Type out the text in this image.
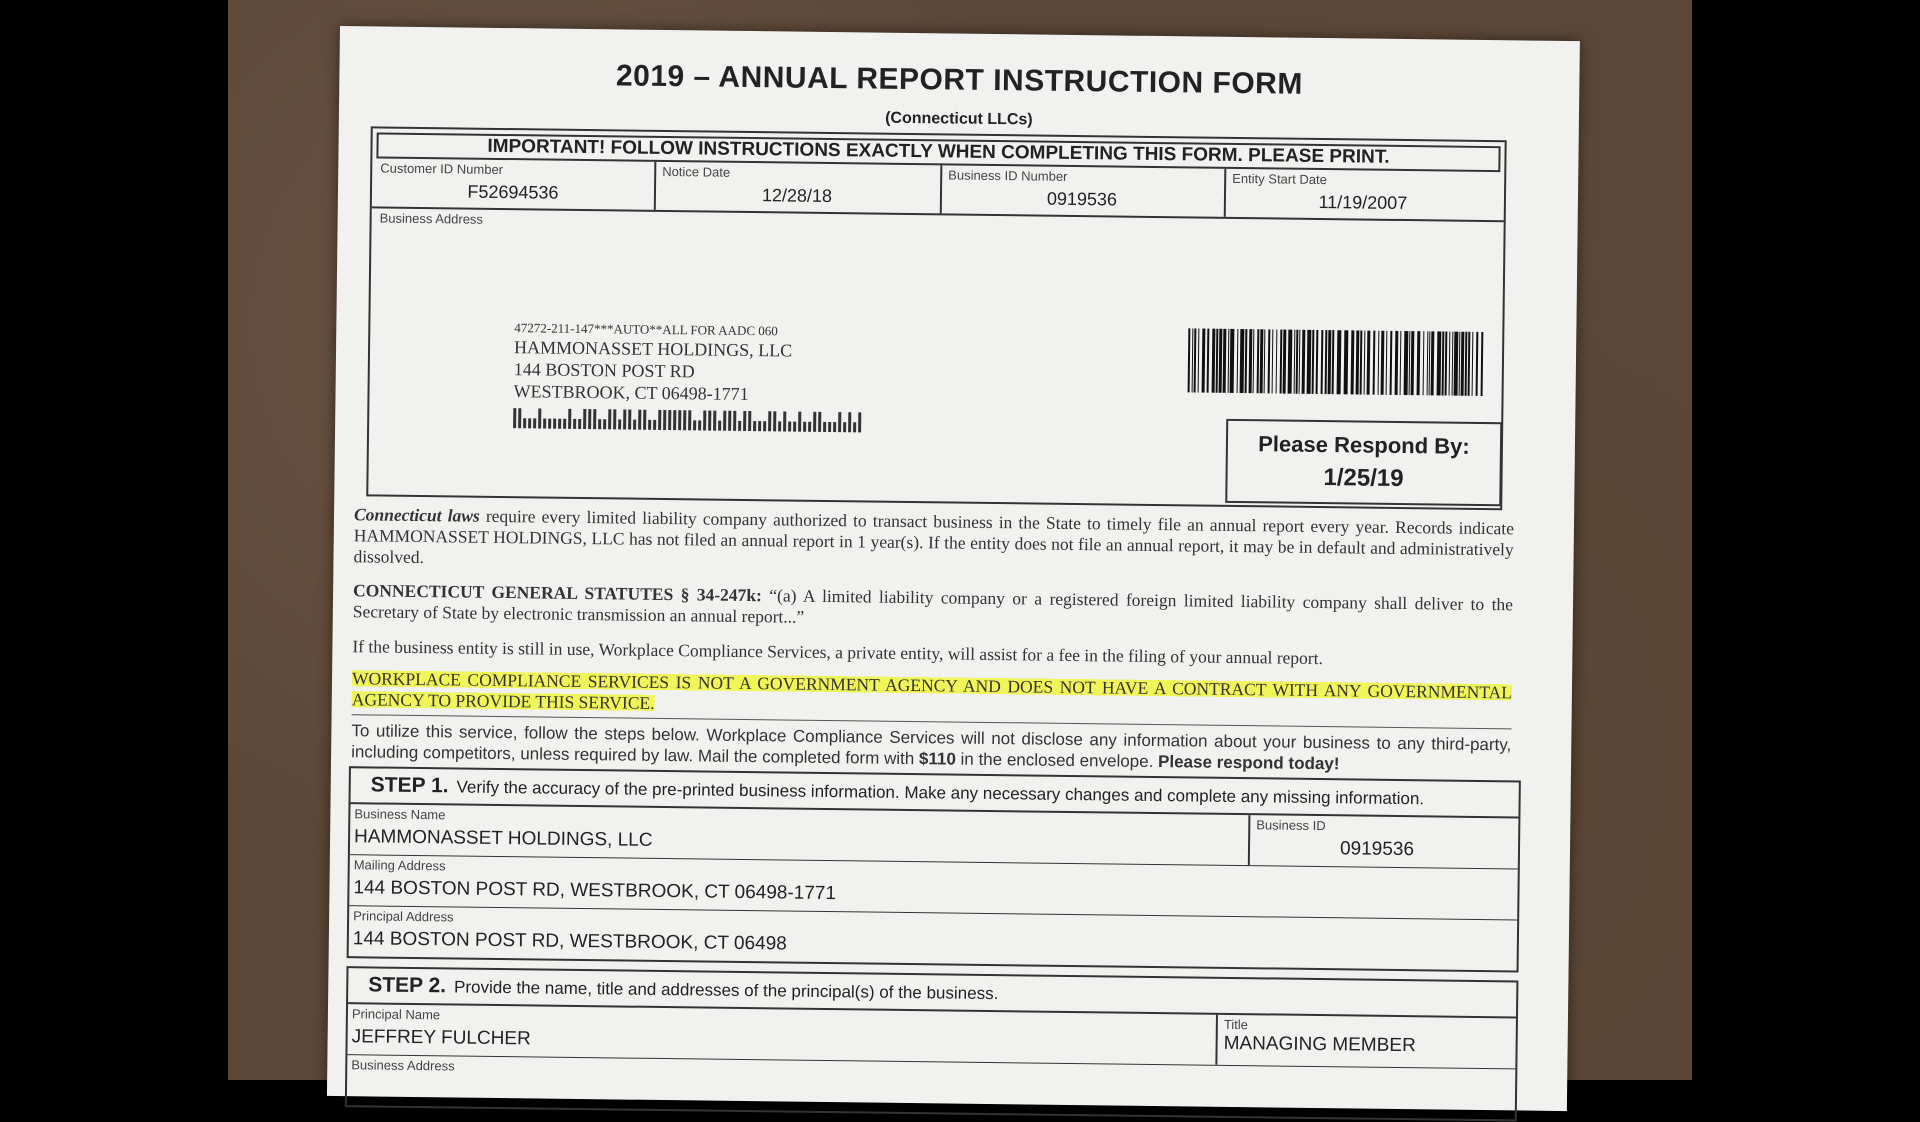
2019 – ANNUAL REPORT INSTRUCTION FORM
(Connecticut LLCs)
IMPORTANT! FOLLOW INSTRUCTIONS EXACTLY WHEN COMPLETING THIS FORM. PLEASE PRINT.
Customer ID Number
F52694536
Notice Date
12/28/18
Business ID Number
0919536
Entity Start Date
11/19/2007
Business Address
47272-211-147***AUTO**ALL FOR AADC 060
HAMMONASSET HOLDINGS, LLC
144 BOSTON POST RD
WESTBROOK, CT 06498-1771
Please Respond By:
1/25/19
Connecticut laws require every limited liability company authorized to transact business in the State to timely file an annual report every year. Records indicate HAMMONASSET HOLDINGS, LLC has not filed an annual report in 1 year(s). If the entity does not file an annual report, it may be in default and administratively dissolved.
CONNECTICUT GENERAL STATUTES § 34-247k: “(a) A limited liability company or a registered foreign limited liability company shall deliver to the Secretary of State by electronic transmission an annual report...”
If the business entity is still in use, Workplace Compliance Services, a private entity, will assist for a fee in the filing of your annual report.
WORKPLACE COMPLIANCE SERVICES IS NOT A GOVERNMENT AGENCY AND DOES NOT HAVE A CONTRACT WITH ANY GOVERNMENTAL AGENCY TO PROVIDE THIS SERVICE.
To utilize this service, follow the steps below. Workplace Compliance Services will not disclose any information about your business to any third-party, including competitors, unless required by law. Mail the completed form with $110 in the enclosed envelope. Please respond today!
STEP 1. Verify the accuracy of the pre-printed business information. Make any necessary changes and complete any missing information.
Business Name
HAMMONASSET HOLDINGS, LLC
Business ID
0919536
Mailing Address
144 BOSTON POST RD, WESTBROOK, CT 06498-1771
Principal Address
144 BOSTON POST RD, WESTBROOK, CT 06498
STEP 2. Provide the name, title and addresses of the principal(s) of the business.
Principal Name
JEFFREY FULCHER
Title
MANAGING MEMBER
Business Address
